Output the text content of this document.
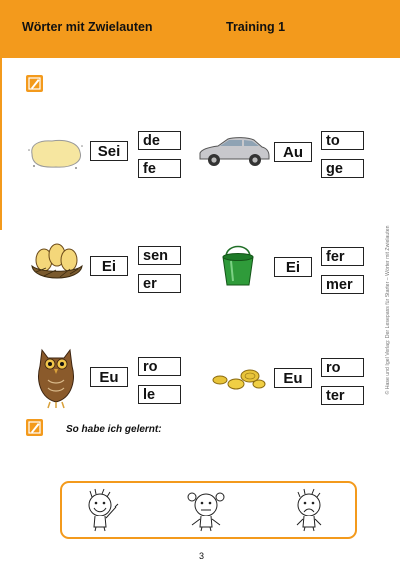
Wörter mit Zwielauten	Training 1
Sei
de
fe
Au
to
ge
Ei
sen
er
Ei
fer
mer
Eu
ro
le
Eu
ro
ter
So habe ich gelernt:
3
© Hase und Igel Verlag: Der Lesepass für Starter – Wörter mit Zwielauten
